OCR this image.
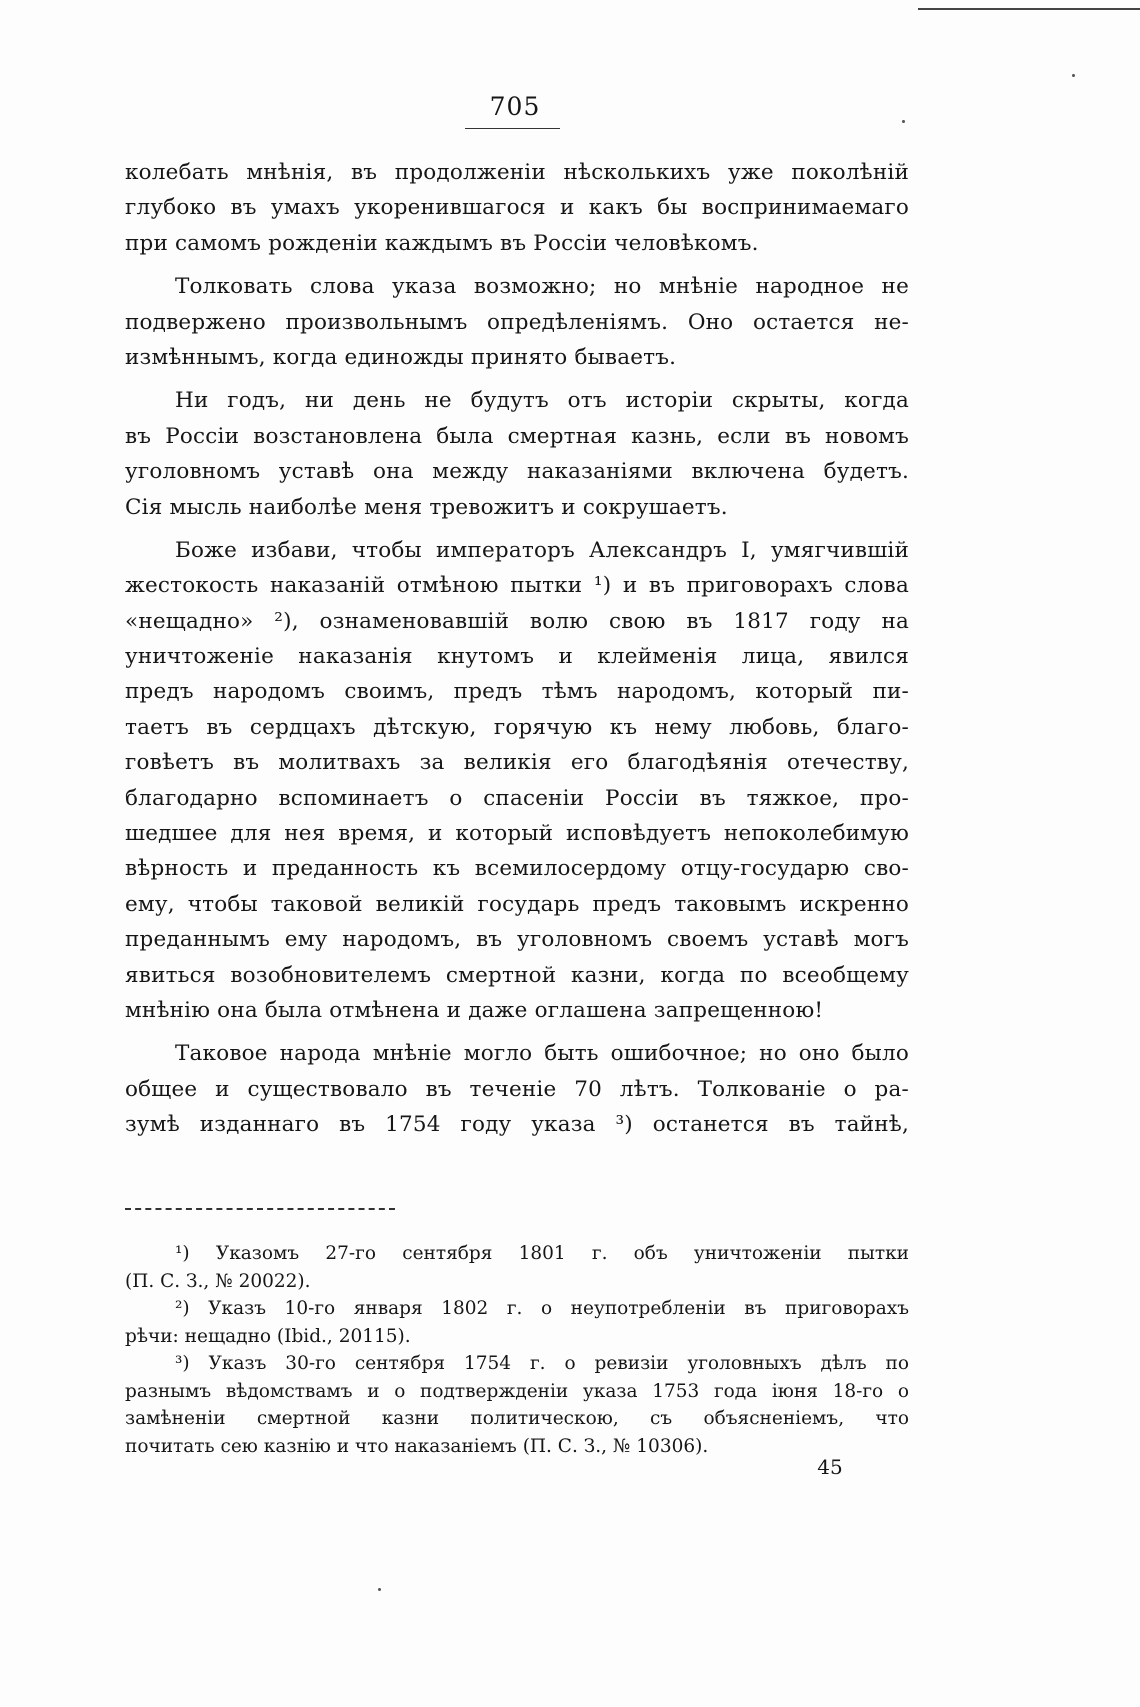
705
колебать мнѣнія, въ продолженіи нѣсколькихъ уже поколѣній
глубоко въ умахъ укоренившагося и какъ бы воспринимаемаго
при самомъ рожденіи каждымъ въ Россіи человѣкомъ.
Толковать слова указа возможно; но мнѣніе народное не
подвержено произвольнымъ опредѣленіямъ. Оно остается не-
измѣннымъ, когда единожды принято бываетъ.
Ни годъ, ни день не будутъ отъ исторіи скрыты, когда
въ Россіи возстановлена была смертная казнь, если въ новомъ
уголовномъ уставѣ она между наказаніями включена будетъ.
Сія мысль наиболѣе меня тревожитъ и сокрушаетъ.
Боже избави, чтобы императоръ Александръ I, умягчившій
жестокость наказаній отмѣною пытки ¹) и въ приговорахъ слова
«нещадно» ²), ознаменовавшій волю свою въ 1817 году на
уничтоженіе наказанія кнутомъ и клейменія лица, явился
предъ народомъ своимъ, предъ тѣмъ народомъ, который пи-
таетъ въ сердцахъ дѣтскую, горячую къ нему любовь, благо-
говѣетъ въ молитвахъ за великія его благодѣянія отечеству,
благодарно вспоминаетъ о спасеніи Россіи въ тяжкое, про-
шедшее для нея время, и который исповѣдуетъ непоколебимую
вѣрность и преданность къ всемилосердому отцу-государю сво-
ему, чтобы таковой великій государь предъ таковымъ искренно
преданнымъ ему народомъ, въ уголовномъ своемъ уставѣ могъ
явиться возобновителемъ смертной казни, когда по всеобщему
мнѣнію она была отмѣнена и даже оглашена запрещенною!
Таковое народа мнѣніе могло быть ошибочное; но оно было
общее и существовало въ теченіе 70 лѣтъ. Толкованіе о ра-
зумѣ изданнаго въ 1754 году указа ³) останется въ тайнѣ,
¹) Указомъ 27-го сентября 1801 г. объ уничтоженіи пытки
(П. С. З., № 20022).
²) Указъ 10-го января 1802 г. о неупотребленіи въ приговорахъ
рѣчи: нещадно (Ibid., 20115).
³) Указъ 30-го сентября 1754 г. о ревизіи уголовныхъ дѣлъ по
разнымъ вѣдомствамъ и о подтвержденіи указа 1753 года іюня 18-го о
замѣненіи смертной казни политическою, съ объясненіемъ, что
почитать сею казнію и что наказаніемъ (П. С. З., № 10306).
45
